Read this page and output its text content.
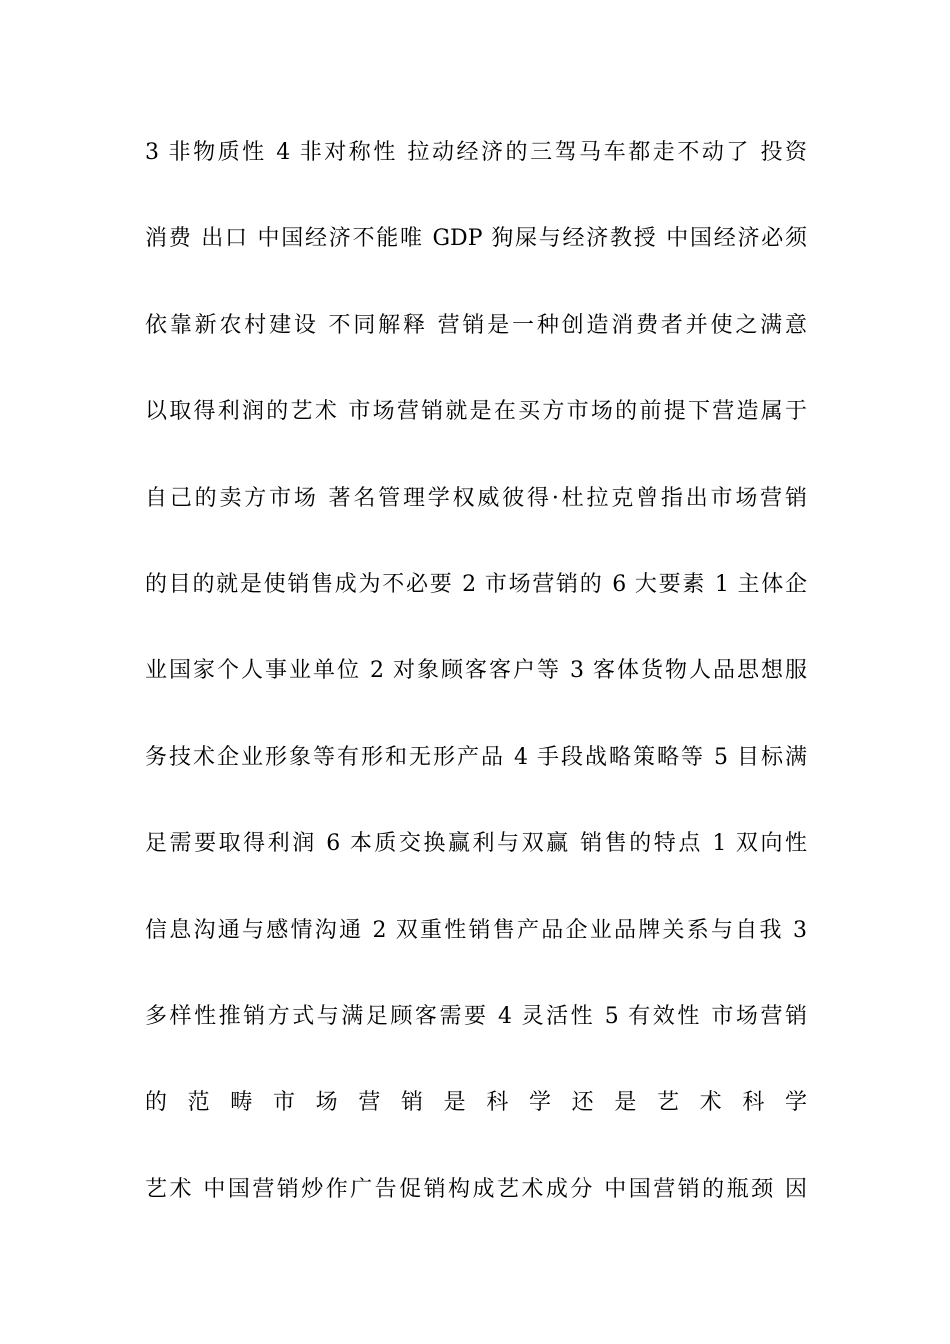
3 非物质性 4 非对称性 拉动经济的三驾马车都走不动了 投资
消费 出口 中国经济不能唯 GDP 狗屎与经济教授 中国经济必须
依靠新农村建设 不同解释 营销是一种创造消费者并使之满意
以取得利润的艺术 市场营销就是在买方市场的前提下营造属于
自己的卖方市场 著名管理学权威彼得·杜拉克曾指出市场营销
的目的就是使销售成为不必要 2 市场营销的 6 大要素 1 主体企
业国家个人事业单位 2 对象顾客客户等 3 客体货物人品思想服
务技术企业形象等有形和无形产品 4 手段战略策略等 5 目标满
足需要取得利润 6 本质交换赢利与双赢 销售的特点 1 双向性
信息沟通与感情沟通 2 双重性销售产品企业品牌关系与自我 3
多样性推销方式与满足顾客需要 4 灵活性 5 有效性 市场营销
的 范 畴 市 场 营 销 是 科 学 还 是 艺 术 科 学
艺术 中国营销炒作广告促销构成艺术成分 中国营销的瓶颈 因
